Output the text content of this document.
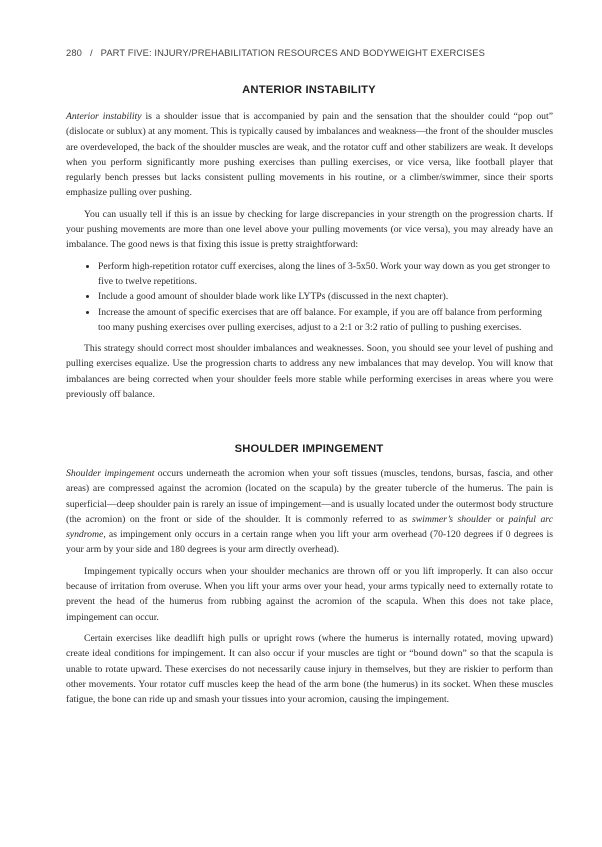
280 / PART FIVE: INJURY/PREHABILITATION RESOURCES AND BODYWEIGHT EXERCISES
ANTERIOR INSTABILITY

Anterior instability is a shoulder issue that is accompanied by pain and the sensation that the shoulder could “pop out” (dislocate or sublux) at any moment. This is typically caused by imbalances and weakness—the front of the shoulder muscles are overdeveloped, the back of the shoulder muscles are weak, and the rotator cuff and other stabilizers are weak. It develops when you perform significantly more pushing exercises than pulling exercises, or vice versa, like football player that regularly bench presses but lacks consistent pulling movements in his routine, or a climber/swimmer, since their sports emphasize pulling over pushing.

You can usually tell if this is an issue by checking for large discrepancies in your strength on the progression charts. If your pushing movements are more than one level above your pulling movements (or vice versa), you may already have an imbalance. The good news is that fixing this issue is pretty straightforward:

• Perform high-repetition rotator cuff exercises, along the lines of 3-5x50. Work your way down as you get stronger to five to twelve repetitions.
• Include a good amount of shoulder blade work like LYTPs (discussed in the next chapter).
• Increase the amount of specific exercises that are off balance. For example, if you are off balance from performing too many pushing exercises over pulling exercises, adjust to a 2:1 or 3:2 ratio of pulling to pushing exercises.

This strategy should correct most shoulder imbalances and weaknesses. Soon, you should see your level of pushing and pulling exercises equalize. Use the progression charts to address any new imbalances that may develop. You will know that imbalances are being corrected when your shoulder feels more stable while performing exercises in areas where you were previously off balance.

SHOULDER IMPINGEMENT

Shoulder impingement occurs underneath the acromion when your soft tissues (muscles, tendons, bursas, fascia, and other areas) are compressed against the acromion (located on the scapula) by the greater tubercle of the humerus. The pain is superficial—deep shoulder pain is rarely an issue of impingement—and is usually located under the outermost body structure (the acromion) on the front or side of the shoulder. It is commonly referred to as swimmer’s shoulder or painful arc syndrome, as impingement only occurs in a certain range when you lift your arm overhead (70-120 degrees if 0 degrees is your arm by your side and 180 degrees is your arm directly overhead).

Impingement typically occurs when your shoulder mechanics are thrown off or you lift improperly. It can also occur because of irritation from overuse. When you lift your arms over your head, your arms typically need to externally rotate to prevent the head of the humerus from rubbing against the acromion of the scapula. When this does not take place, impingement can occur.

Certain exercises like deadlift high pulls or upright rows (where the humerus is internally rotated, moving upward) create ideal conditions for impingement. It can also occur if your muscles are tight or “bound down” so that the scapula is unable to rotate upward. These exercises do not necessarily cause injury in themselves, but they are riskier to perform than other movements. Your rotator cuff muscles keep the head of the arm bone (the humerus) in its socket. When these muscles fatigue, the bone can ride up and smash your tissues into your acromion, causing the impingement.
